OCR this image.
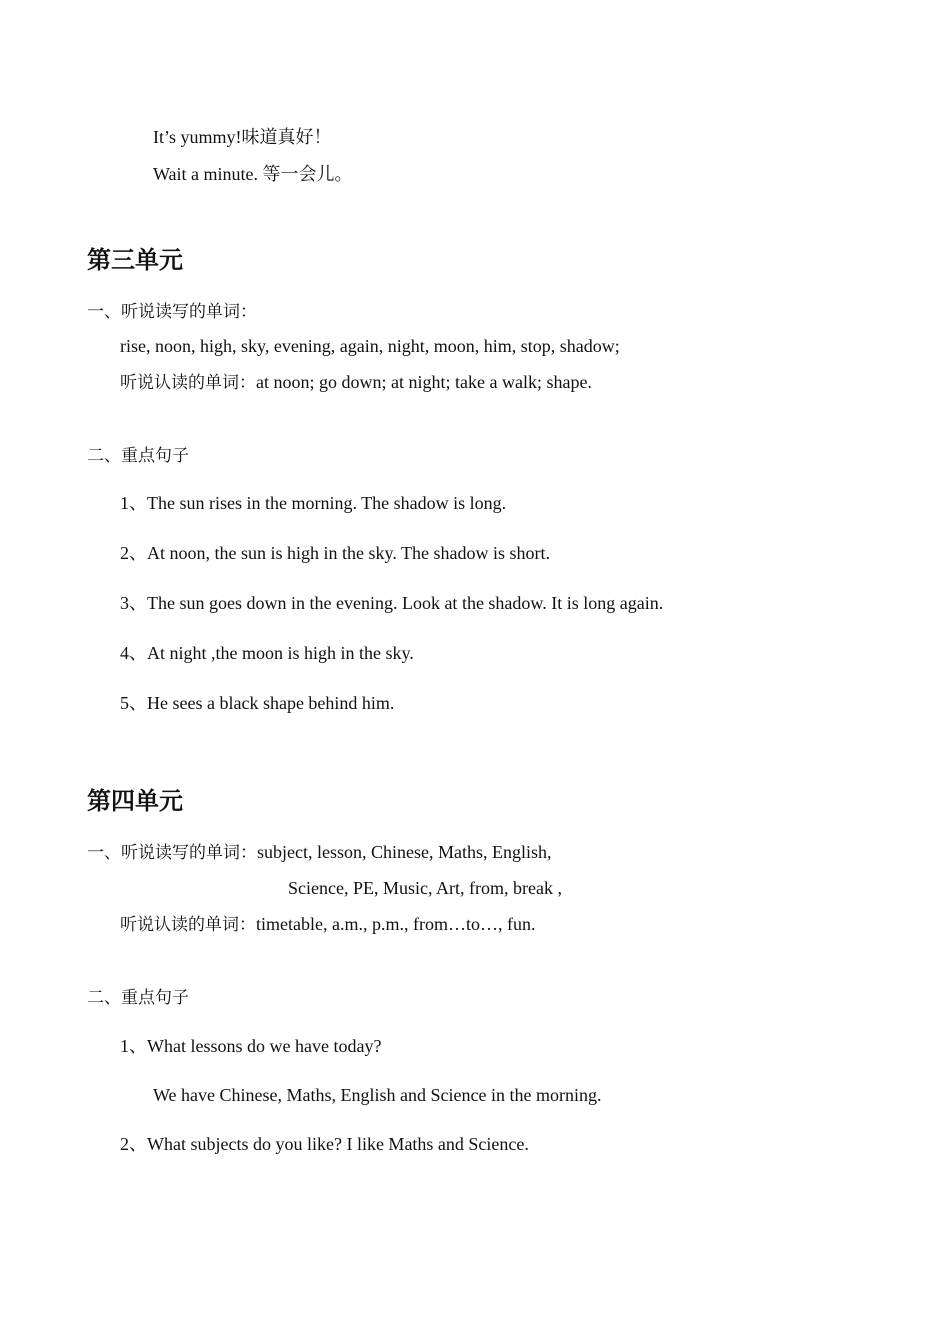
It’s yummy!味道真好！
Wait a minute. 等一会儿。
第三单元
一、听说读写的单词：
rise, noon, high, sky, evening, again, night, moon, him, stop, shadow;
听说认读的单词：at noon; go down; at night; take a walk; shape.
二、重点句子
1、The sun rises in the morning. The shadow is long.
2、At noon, the sun is high in the sky. The shadow is short.
3、The sun goes down in the evening. Look at the shadow. It is long again.
4、At night ,the moon is high in the sky.
5、He sees a black shape behind him.
第四单元
一、听说读写的单词：subject, lesson, Chinese, Maths, English,
Science, PE, Music, Art, from, break ,
听说认读的单词：timetable, a.m., p.m., from…to…, fun.
二、重点句子
1、What lessons do we have today?
We have Chinese, Maths, English and Science in the morning.
2、What subjects do you like? I like Maths and Science.
